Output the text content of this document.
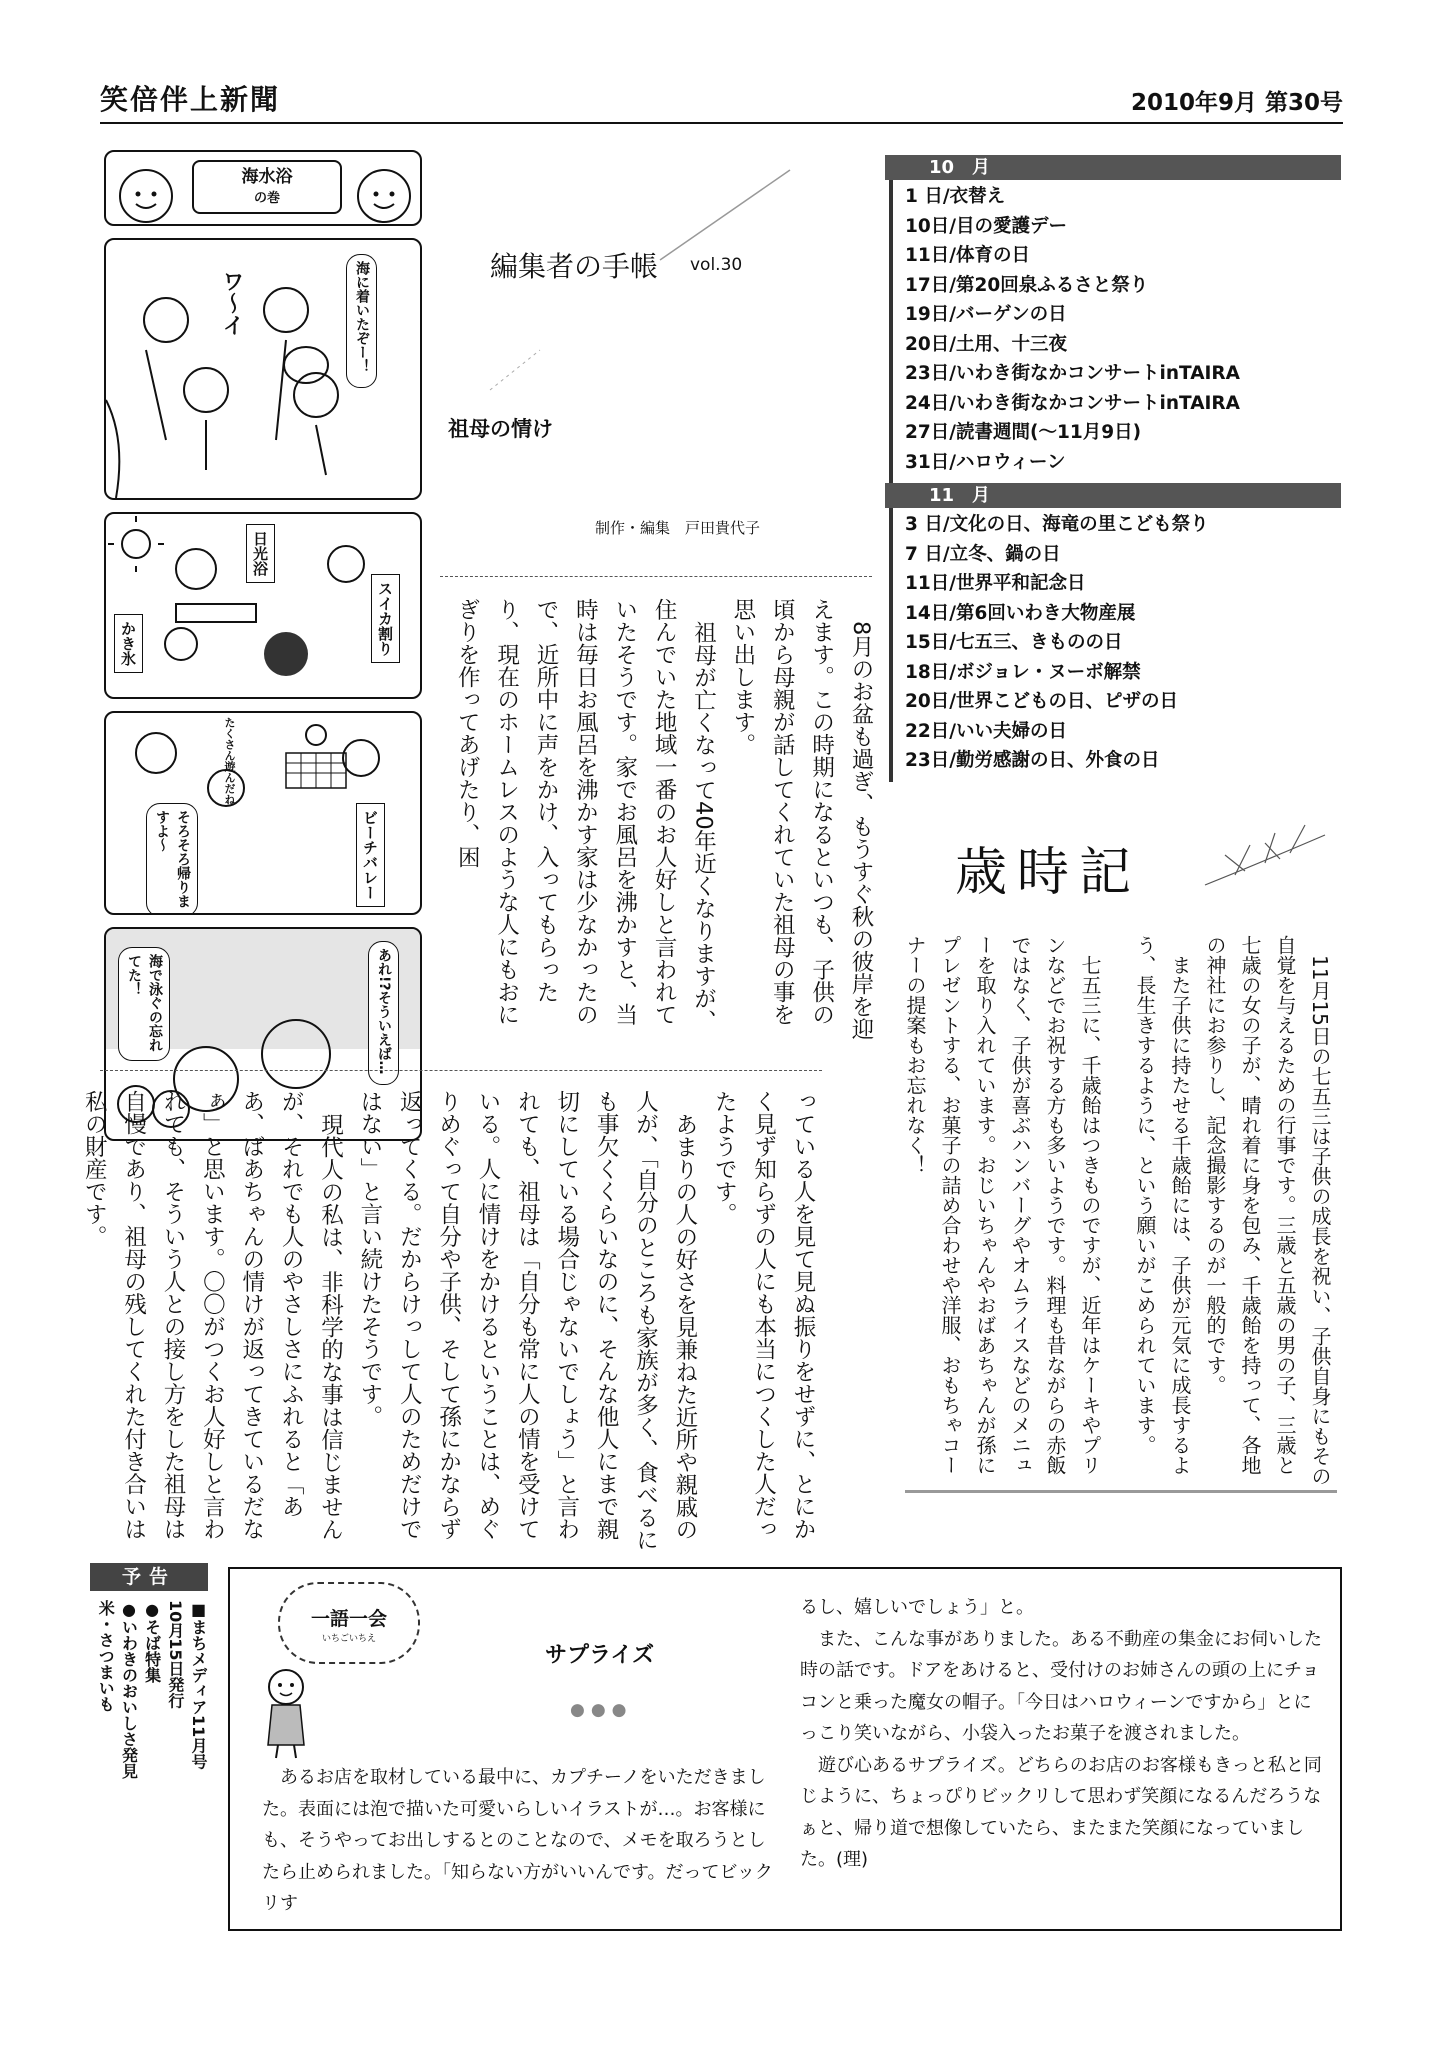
笑倍伴上新聞	2010年9月 第30号
海水浴
の巻
海に着いたぞー！
ワ〜イ
日光浴
スイカ割り
かき氷
そろそろ帰りますよ〜
たくさん遊んだね
ビーチバレー
あれ!?そういえば…
海で泳ぐの忘れてた！
編集者の手帳 vol.30
祖母の情け
制作・編集　戸田貴代子

8月のお盆も過ぎ、もうすぐ秋の彼岸を迎えます。この時期になるといつも、子供の頃から母親が話してくれていた祖母の事を思い出します。

祖母が亡くなって40年近くなりますが、住んでいた地域一番のお人好しと言われていたそうです。家でお風呂を沸かすと、当時は毎日お風呂を沸かす家は少なかったので、近所中に声をかけ、入ってもらったり、現在のホームレスのような人にもおにぎりを作ってあげたり、困

っている人を見て見ぬ振りをせずに、とにかく見ず知らずの人にも本当につくした人だったようです。

あまりの人の好さを見兼ねた近所や親戚の人が、「自分のところも家族が多く、食べるにも事欠くくらいなのに、そんな他人にまで親切にしている場合じゃないでしょう」と言われても、祖母は「自分も常に人の情を受けている。人に情けをかけるということは、めぐりめぐって自分や子供、そして孫にかならず返ってくる。だからけっして人のためだけではない」と言い続けたそうです。

現代人の私は、非科学的な事は信じませんが、それでも人のやさしさにふれると「ああ、ばあちゃんの情けが返ってきているだなぁ」と思います。〇〇がつくお人好しと言われても、そういう人との接し方をした祖母は自慢であり、祖母の残してくれた付き合いは私の財産です。

10　月
1 日/衣替え
10日/目の愛護デー
11日/体育の日
17日/第20回泉ふるさと祭り
19日/バーゲンの日
20日/土用、十三夜
23日/いわき街なかコンサートinTAIRA
24日/いわき街なかコンサートinTAIRA
27日/読書週間(〜11月9日)
31日/ハロウィーン
11　月
3 日/文化の日、海竜の里こども祭り
7 日/立冬、鍋の日
11日/世界平和記念日
14日/第6回いわき大物産展
15日/七五三、きものの日
18日/ボジョレ・ヌーボ解禁
20日/世界こどもの日、ピザの日
22日/いい夫婦の日
23日/勤労感謝の日、外食の日
歳時記

11月15日の七五三は子供の成長を祝い、子供自身にもその自覚を与えるための行事です。三歳と五歳の男の子、三歳と七歳の女の子が、晴れ着に身を包み、千歳飴を持って、各地の神社にお参りし、記念撮影するのが一般的です。

また子供に持たせる千歳飴には、子供が元気に成長するよう、長生きするように、という願いがこめられています。

七五三に、千歳飴はつきものですが、近年はケーキやプリンなどでお祝する方も多いようです。料理も昔ながらの赤飯ではなく、子供が喜ぶハンバーグやオムライスなどのメニューを取り入れています。おじいちゃんやおばあちゃんが孫にプレゼントする、お菓子の詰め合わせや洋服、おもちゃコーナーの提案もお忘れなく！

予告
■まちメディア11月号
10月15日発行
●そば特集
●いわきのおいしさ発見
米・さつまいも	一語一会
いちごいちえ
サプライズ
●●●
あるお店を取材している最中に、カプチーノをいただきました。表面には泡で描いた可愛いらしいイラストが…。お客様にも、そうやってお出しするとのことなので、メモを取ろうとしたら止められました。「知らない方がいいんです。だってビックリす

るし、嬉しいでしょう」と。

また、こんな事がありました。ある不動産の集金にお伺いした時の話です。ドアをあけると、受付けのお姉さんの頭の上にチョコンと乗った魔女の帽子。「今日はハロウィーンですから」とにっこり笑いながら、小袋入ったお菓子を渡されました。

遊び心あるサプライズ。どちらのお店のお客様もきっと私と同じように、ちょっぴりビックリして思わず笑顔になるんだろうなぁと、帰り道で想像していたら、またまた笑顔になっていました。(理)
